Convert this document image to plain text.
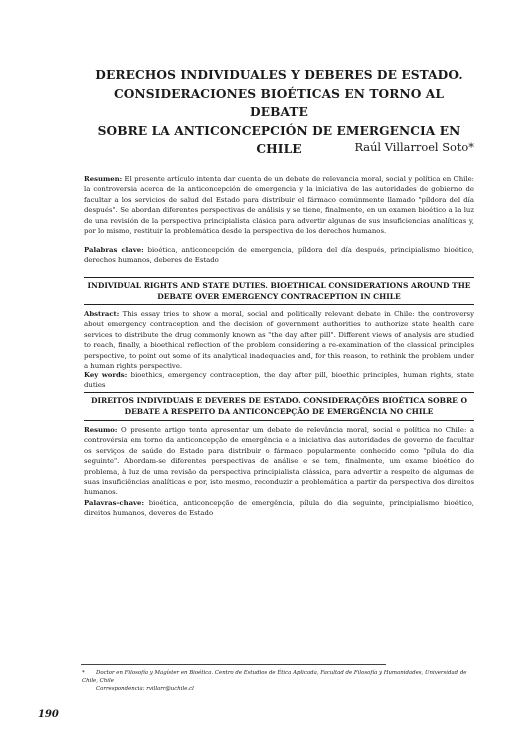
DERECHOS INDIVIDUALES Y DEBERES DE ESTADO.
CONSIDERACIONES BIOÉTICAS EN TORNO AL DEBATE
SOBRE LA ANTICONCEPCIÓN DE EMERGENCIA EN CHILE	Raúl Villarroel Soto*

Resumen: El presente artículo intenta dar cuenta de un debate de relevancia moral, social y política en Chile: la controversia acerca de la anticoncepción de emergencia y la iniciativa de las autoridades de gobierno de facultar a los servicios de salud del Estado para distribuir el fármaco comúnmente llamado "píldora del día después". Se abordan diferentes perspectivas de análisis y se tiene, finalmente, en un examen bioético a la luz de una revisión de la perspectiva principialista clásica para advertir algunas de sus insuficiencias analíticas y, por lo mismo, restituir la problemática desde la perspectiva de los derechos humanos.

Palabras clave: bioética, anticoncepción de emergencia, píldora del día después, principialismo bioético, derechos humanos, deberes de Estado

INDIVIDUAL RIGHTS AND STATE DUTIES. BIOETHICAL CONSIDERATIONS AROUND THE
DEBATE OVER EMERGENCY CONTRACEPTION IN CHILE

Abstract: This essay tries to show a moral, social and politically relevant debate in Chile: the controversy about emergency contraception and the decision of government authorities to authorize state health care services to distribute the drug commonly known as "the day after pill". Different views of analysis are studied to reach, finally, a bioethical reflection of the problem considering a re-examination of the classical principles perspective, to point out some of its analytical inadequacies and, for this reason, to rethink the problem under a human rights perspective.

Key words: bioethics, emergency contraception, the day after pill, bioethic principles, human rights, state duties

DIREITOS INDIVIDUAIS E DEVERES DE ESTADO. CONSIDERAÇÕES BIOÉTICA SOBRE O
DEBATE A RESPEITO DA ANTICONCEPÇÃO DE EMERGÊNCIA NO CHILE

Resumo: O presente artigo tenta apresentar um debate de relevância moral, social e política no Chile: a controvérsia em torno da anticoncepção de emergência e a iniciativa das autoridades de governo de facultar os serviços de saúde do Estado para distribuir o fármaco popularmente conhecido como "pílula do dia seguinte". Abordam-se diferentes perspectivas de análise e se tem, finalmente, um exame bioético do problema, à luz de uma revisão da perspectiva principialista clássica, para advertir a respeito de algumas de suas insuficiências analíticas e por, isto mesmo, reconduzir a problemática a partir da perspectiva dos direitos humanos.

Palavras-chave: bioética, anticoncepção de emergência, pílula do dia seguinte, principialismo bioético, direitos humanos, deveres de Estado

* Doctor en Filosofía y Magíster en Bioética. Centro de Estudios de Ética Aplicada, Facultad de Filosofía y Humanidades, Universidad de Chile, Chile
Correspondencia: rvillarr@uchile.cl
190
